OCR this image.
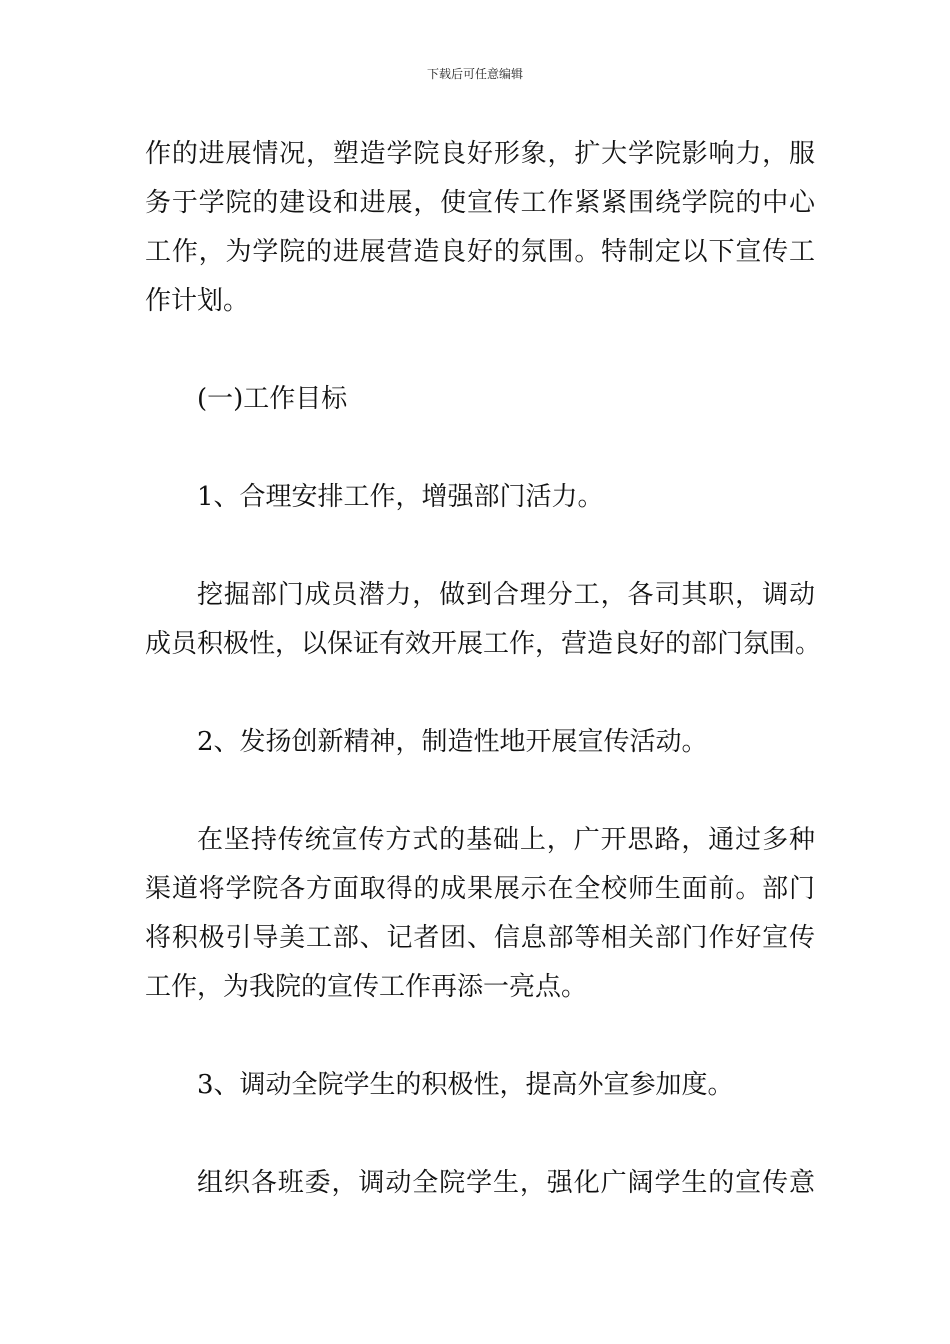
下载后可任意编辑
作的进展情况，塑造学院良好形象，扩大学院影响力，服
务于学院的建设和进展，使宣传工作紧紧围绕学院的中心
工作，为学院的进展营造良好的氛围。特制定以下宣传工
作计划。
(一)工作目标
1、合理安排工作，增强部门活力。
挖掘部门成员潜力，做到合理分工，各司其职，调动
成员积极性，以保证有效开展工作，营造良好的部门氛围。
2、发扬创新精神，制造性地开展宣传活动。
在坚持传统宣传方式的基础上，广开思路，通过多种
渠道将学院各方面取得的成果展示在全校师生面前。部门
将积极引导美工部、记者团、信息部等相关部门作好宣传
工作，为我院的宣传工作再添一亮点。
3、调动全院学生的积极性，提高外宣参加度。
组织各班委，调动全院学生，强化广阔学生的宣传意
